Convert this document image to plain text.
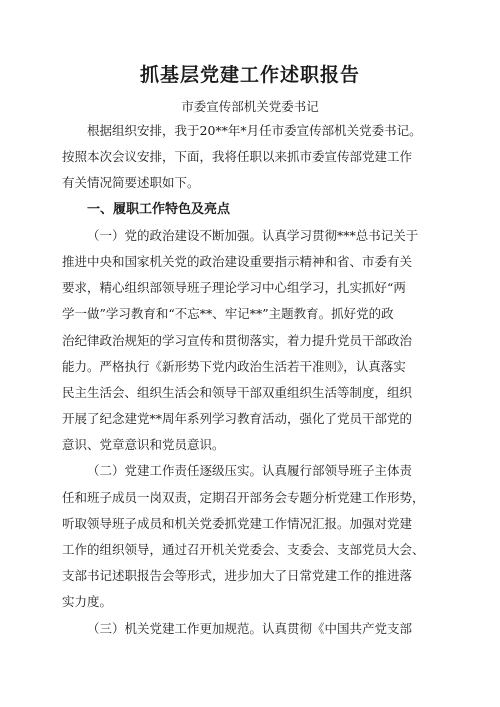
抓基层党建工作述职报告
市委宣传部机关党委书记
根据组织安排，我于20**年*月任市委宣传部机关党委书记。
按照本次会议安排，下面，我将任职以来抓市委宣传部党建工作
有关情况简要述职如下。
一、履职工作特色及亮点
（一）党的政治建设不断加强。认真学习贯彻***总书记关于
推进中央和国家机关党的政治建设重要指示精神和省、市委有关
要求，精心组织部领导班子理论学习中心组学习，扎实抓好“两
学一做”学习教育和“不忘**、牢记**”主题教育。抓好党的政
治纪律政治规矩的学习宣传和贯彻落实，着力提升党员干部政治
能力。严格执行《新形势下党内政治生活若干准则》，认真落实
民主生活会、组织生活会和领导干部双重组织生活等制度，组织
开展了纪念建党**周年系列学习教育活动，强化了党员干部党的
意识、党章意识和党员意识。
（二）党建工作责任逐级压实。认真履行部领导班子主体责
任和班子成员一岗双责，定期召开部务会专题分析党建工作形势，
听取领导班子成员和机关党委抓党建工作情况汇报。加强对党建
工作的组织领导，通过召开机关党委会、支委会、支部党员大会、
支部书记述职报告会等形式，进步加大了日常党建工作的推进落
实力度。
（三）机关党建工作更加规范。认真贯彻《中国共产党支部
